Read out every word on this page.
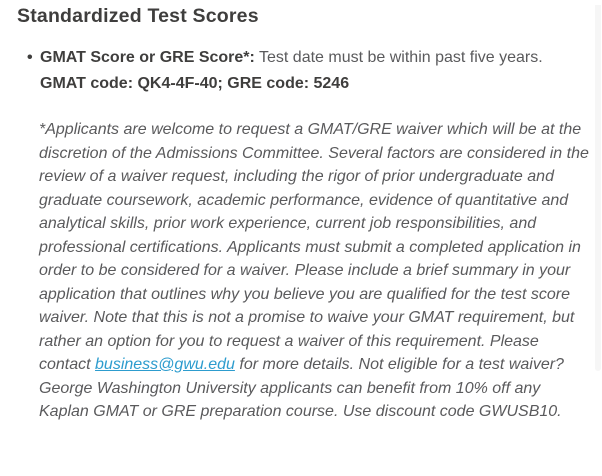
Standardized Test Scores
• GMAT Score or GRE Score*: Test date must be within past five years. GMAT code: QK4-4F-40; GRE code: 5246

*Applicants are welcome to request a GMAT/GRE waiver which will be at the discretion of the Admissions Committee. Several factors are considered in the review of a waiver request, including the rigor of prior undergraduate and graduate coursework, academic performance, evidence of quantitative and analytical skills, prior work experience, current job responsibilities, and professional certifications. Applicants must submit a completed application in order to be considered for a waiver. Please include a brief summary in your application that outlines why you believe you are qualified for the test score waiver. Note that this is not a promise to waive your GMAT requirement, but rather an option for you to request a waiver of this requirement. Please contact business@gwu.edu for more details. Not eligible for a test waiver? George Washington University applicants can benefit from 10% off any Kaplan GMAT or GRE preparation course. Use discount code GWUSB10.
